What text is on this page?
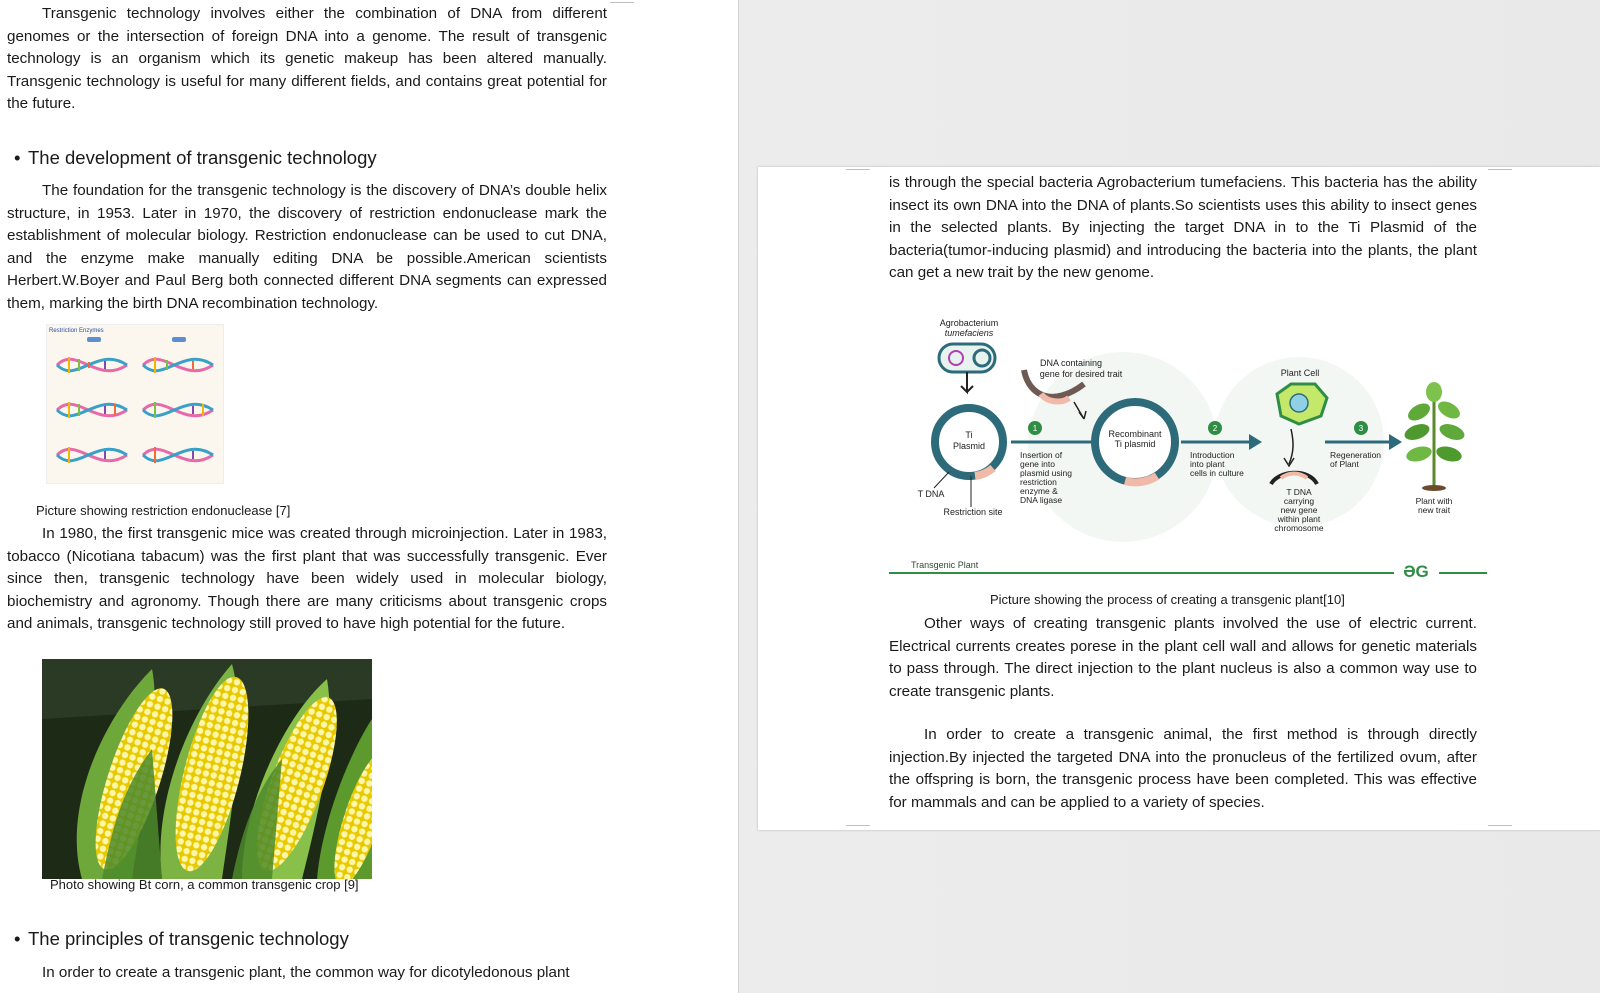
Transgenic technology involves either the combination of DNA from different genomes or the intersection of foreign DNA into a genome. The result of transgenic technology is an organism which its genetic makeup has been altered manually. Transgenic technology is useful for many different fields, and contains great potential for the future.

• The development of transgenic technology

The foundation for the transgenic technology is the discovery of DNA’s double helix structure, in 1953. Later in 1970, the discovery of restriction endonuclease mark the establishment of molecular biology. Restriction endonuclease can be used to cut DNA, and the enzyme make manually editing DNA be possible.American scientists Herbert.W.Boyer and Paul Berg both connected different DNA segments can expressed them, marking the birth DNA recombination technology.

Restriction Enzymes

Picture showing restriction endonuclease [7]

In 1980, the first transgenic mice was created through microinjection. Later in 1983, tobacco (Nicotiana tabacum) was the first plant that was successfully transgenic. Ever since then, transgenic technology have been widely used in molecular biology, biochemistry and agronomy. Though there are many criticisms about transgenic crops and animals, transgenic technology still proved to have high potential for the future.

Photo showing Bt corn, a common transgenic crop [9]

• The principles of transgenic technology

In order to create a transgenic plant, the common way for dicotyledonous plant

is through the special bacteria Agrobacterium tumefaciens. This bacteria has the ability insect its own DNA into the DNA of plants.So scientists uses this ability to insect genes in the selected plants. By injecting the target DNA in to the Ti Plasmid of the bacteria(tumor-inducing plasmid) and introducing the bacteria into the plants, the plant can get a new trait by the new genome.

Agrobacterium
tumefaciens
Ti
Plasmid
T DNA
Restriction site
DNA containing
gene for desired trait
1
Insertion of
gene into
plasmid using
restriction
enzyme &
DNA ligase
Recombinant
Ti plasmid
2
Introduction
into plant
cells in culture
Plant Cell
T DNA
carrying
new gene
within plant
chromosome
3
Regeneration
of Plant
Plant with
new trait
Transgenic Plant	ƏG

Picture showing the process of creating a transgenic plant[10]

Other ways of creating transgenic plants involved the use of electric current. Electrical currents creates porese in the plant cell wall and allows for genetic materials to pass through. The direct injection to the plant nucleus is also a common way use to create transgenic plants.

In order to create a transgenic animal, the first method is through directly injection.By injected the targeted DNA into the pronucleus of the fertilized ovum, after the offspring is born, the transgenic process have been completed. This was effective for mammals and can be applied to a variety of species.
